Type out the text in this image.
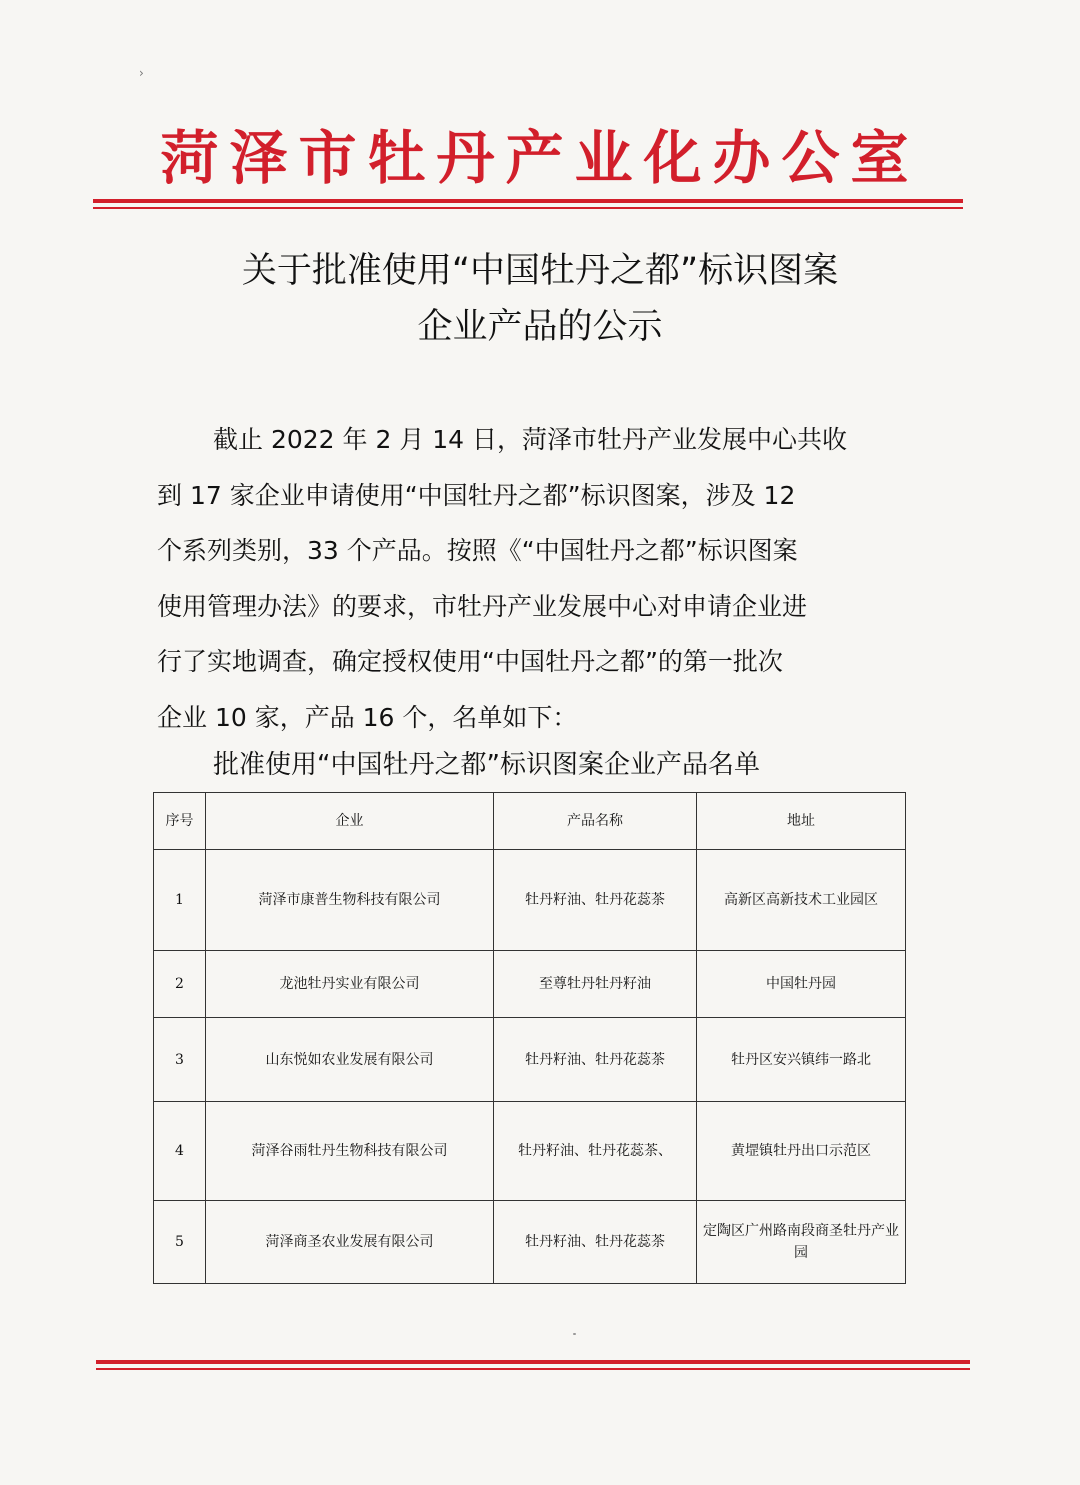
›
菏泽市牡丹产业化办公室
关于批准使用“中国牡丹之都”标识图案
企业产品的公示
截止 2022 年 2 月 14 日，菏泽市牡丹产业发展中心共收
到 17 家企业申请使用“中国牡丹之都”标识图案，涉及 12
个系列类别，33 个产品。按照《“中国牡丹之都”标识图案
使用管理办法》的要求，市牡丹产业发展中心对申请企业进
行了实地调查，确定授权使用“中国牡丹之都”的第一批次
企业 10 家，产品 16 个，名单如下：
批准使用“中国牡丹之都”标识图案企业产品名单
序号	企业	产品名称	地址
1	菏泽市康普生物科技有限公司	牡丹籽油、牡丹花蕊茶	高新区高新技术工业园区
2	龙池牡丹实业有限公司	至尊牡丹牡丹籽油	中国牡丹园
3	山东悦如农业发展有限公司	牡丹籽油、牡丹花蕊茶	牡丹区安兴镇纬一路北
4	菏泽谷雨牡丹生物科技有限公司	牡丹籽油、牡丹花蕊茶、	黄堽镇牡丹出口示范区
5	菏泽商圣农业发展有限公司	牡丹籽油、牡丹花蕊茶	定陶区广州路南段商圣牡丹产业园
